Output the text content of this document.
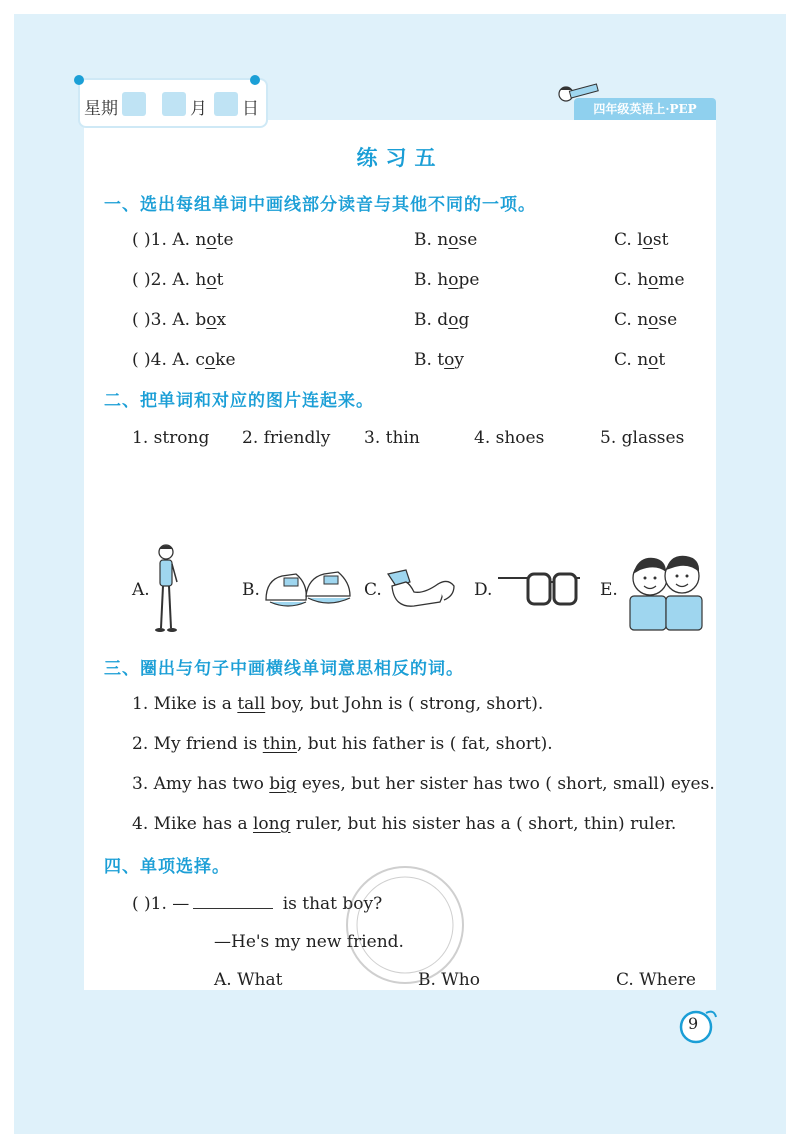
星期	月 日	四年级英语上·PEP
练习五
一、选出每组单词中画线部分读音与其他不同的一项。
( )1. A. note	B. nose	C. lost
( )2. A. hot	B. hope	C. home
( )3. A. box	B. dog	C. nose
( )4. A. coke	B. toy	C. not
二、把单词和对应的图片连起来。
1. strong 2. friendly 3. thin	4. shoes	5. glasses
A.	B.	C.	D.	E.
三、圈出与句子中画横线单词意思相反的词。
1. Mike is a tall boy, but John is ( strong, short).
2. My friend is thin, but his father is ( fat, short).
3. Amy has two big eyes, but her sister has two ( short, small) eyes.
4. Mike has a long ruler, but his sister has a ( short, thin) ruler.
四、单项选择。
( )1. —	is that boy?
—He's my new friend.
A. What	B. Who	C. Where
9
